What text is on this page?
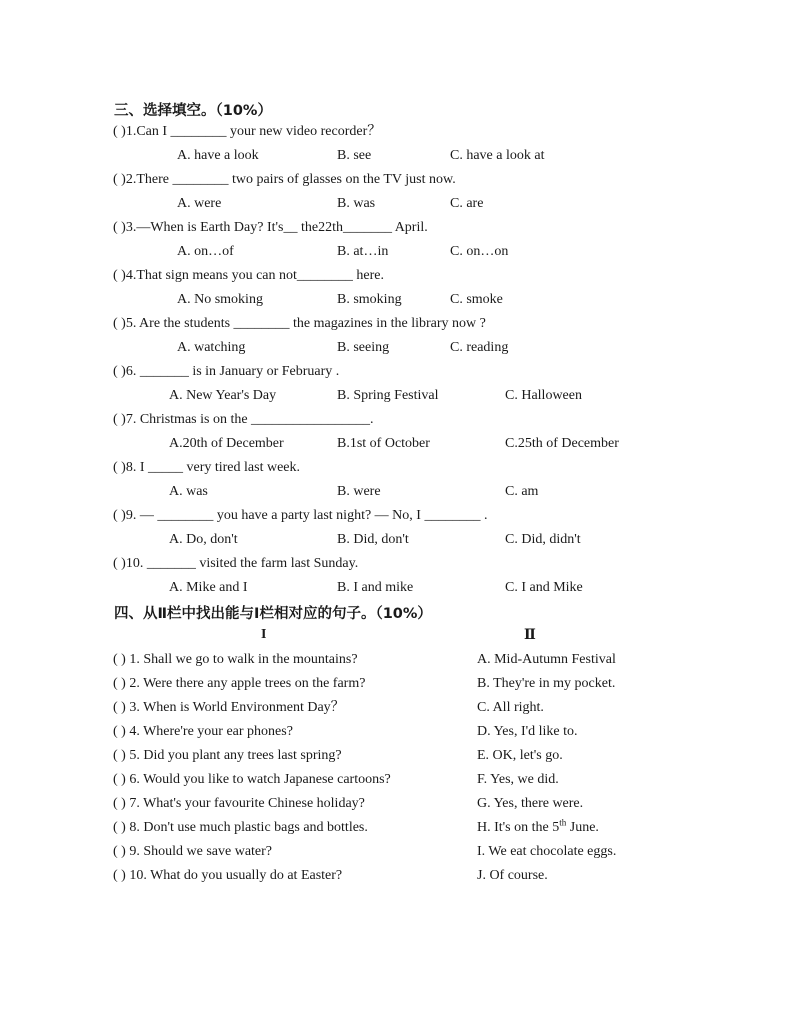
三、选择填空。（10%）
( )1.Can I ________ your new video recorder？
A. have a look	B. see	C. have a look at
( )2.There ________ two pairs of glasses on the TV just now.
A. were	B. was	C. are
( )3.—When is Earth Day? It's__ the22th_______ April.
A. on…of	B. at…in	C. on…on
( )4.That sign means you can not________ here.
A. No smoking	B. smoking	C. smoke
( )5. Are the students ________ the magazines in the library now ?
A. watching	B. seeing	C. reading
( )6. _______ is in January or February .
A. New Year's Day	B. Spring Festival	C. Halloween
( )7. Christmas is on the _________________.
A.20th of December	B.1st of October	C.25th of December
( )8. I _____ very tired last week.
A. was	B. were	C. am
( )9. — ________ you have a party last night? — No, I ________ .
A. Do, don't	B. Did, don't	C. Did, didn't
( )10. _______ visited the farm last Sunday.
A. Mike and I	B. I and mike	C. I and Mike
四、从Ⅱ栏中找出能与Ⅰ栏相对应的句子。（10%）
I	Ⅱ
( ) 1. Shall we go to walk in the mountains?	A. Mid-Autumn Festival
( ) 2. Were there any apple trees on the farm?	B. They're in my pocket.
( ) 3. When is World Environment Day？	C. All right.
( ) 4. Where're your ear phones?	D. Yes, I'd like to.
( ) 5. Did you plant any trees last spring?	E. OK, let's go.
( ) 6. Would you like to watch Japanese cartoons?	F. Yes, we did.
( ) 7. What's your favourite Chinese holiday?	G. Yes, there were.
( ) 8. Don't use much plastic bags and bottles.	H. It's on the 5th June.
( ) 9. Should we save water?	I. We eat chocolate eggs.
( ) 10. What do you usually do at Easter?	J. Of course.
